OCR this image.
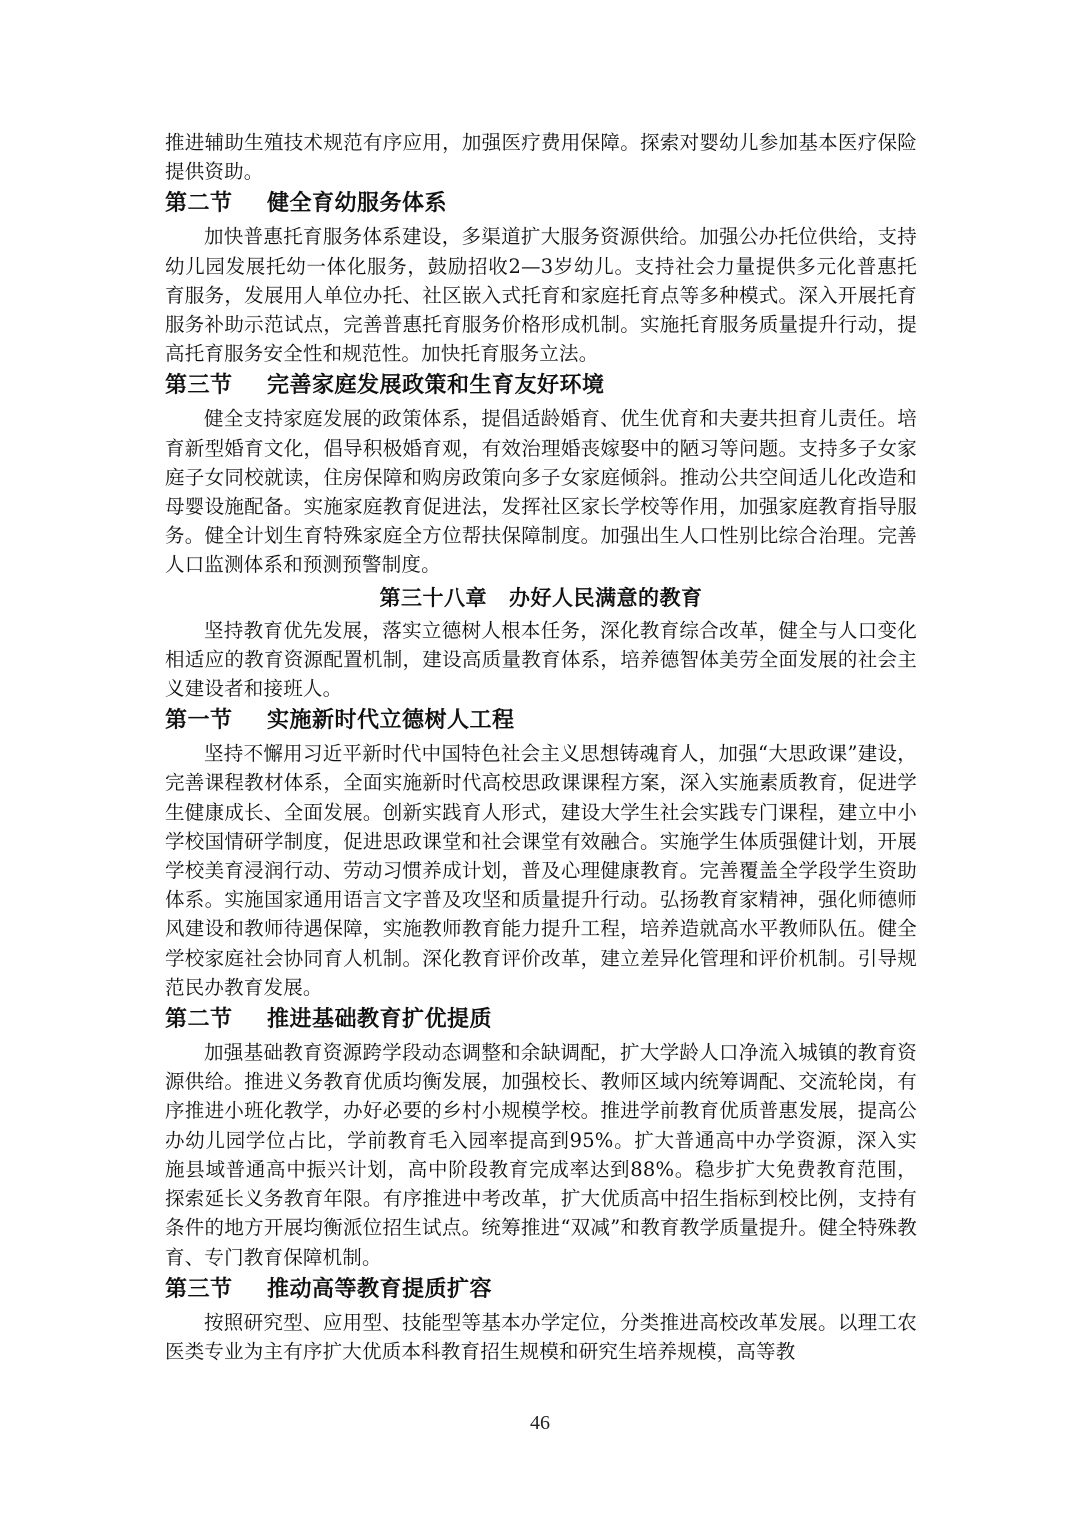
推进辅助生殖技术规范有序应用，加强医疗费用保障。探索对婴幼儿参加基本医疗保险提供资助。

第二节 健全育幼服务体系

加快普惠托育服务体系建设，多渠道扩大服务资源供给。加强公办托位供给，支持幼儿园发展托幼一体化服务，鼓励招收2—3岁幼儿。支持社会力量提供多元化普惠托育服务，发展用人单位办托、社区嵌入式托育和家庭托育点等多种模式。深入开展托育服务补助示范试点，完善普惠托育服务价格形成机制。实施托育服务质量提升行动，提高托育服务安全性和规范性。加快托育服务立法。

第三节 完善家庭发展政策和生育友好环境

健全支持家庭发展的政策体系，提倡适龄婚育、优生优育和夫妻共担育儿责任。培育新型婚育文化，倡导积极婚育观，有效治理婚丧嫁娶中的陋习等问题。支持多子女家庭子女同校就读，住房保障和购房政策向多子女家庭倾斜。推动公共空间适儿化改造和母婴设施配备。实施家庭教育促进法，发挥社区家长学校等作用，加强家庭教育指导服务。健全计划生育特殊家庭全方位帮扶保障制度。加强出生人口性别比综合治理。完善人口监测体系和预测预警制度。

第三十八章 办好人民满意的教育

坚持教育优先发展，落实立德树人根本任务，深化教育综合改革，健全与人口变化相适应的教育资源配置机制，建设高质量教育体系，培养德智体美劳全面发展的社会主义建设者和接班人。

第一节 实施新时代立德树人工程

坚持不懈用习近平新时代中国特色社会主义思想铸魂育人，加强“大思政课”建设，完善课程教材体系，全面实施新时代高校思政课课程方案，深入实施素质教育，促进学生健康成长、全面发展。创新实践育人形式，建设大学生社会实践专门课程，建立中小学校国情研学制度，促进思政课堂和社会课堂有效融合。实施学生体质强健计划，开展学校美育浸润行动、劳动习惯养成计划，普及心理健康教育。完善覆盖全学段学生资助体系。实施国家通用语言文字普及攻坚和质量提升行动。弘扬教育家精神，强化师德师风建设和教师待遇保障，实施教师教育能力提升工程，培养造就高水平教师队伍。健全学校家庭社会协同育人机制。深化教育评价改革，建立差异化管理和评价机制。引导规范民办教育发展。

第二节 推进基础教育扩优提质

加强基础教育资源跨学段动态调整和余缺调配，扩大学龄人口净流入城镇的教育资源供给。推进义务教育优质均衡发展，加强校长、教师区域内统筹调配、交流轮岗，有序推进小班化教学，办好必要的乡村小规模学校。推进学前教育优质普惠发展，提高公办幼儿园学位占比，学前教育毛入园率提高到95%。扩大普通高中办学资源，深入实施县域普通高中振兴计划，高中阶段教育完成率达到88%。稳步扩大免费教育范围，探索延长义务教育年限。有序推进中考改革，扩大优质高中招生指标到校比例，支持有条件的地方开展均衡派位招生试点。统筹推进“双减”和教育教学质量提升。健全特殊教育、专门教育保障机制。

第三节 推动高等教育提质扩容

按照研究型、应用型、技能型等基本办学定位，分类推进高校改革发展。以理工农医类专业为主有序扩大优质本科教育招生规模和研究生培养规模，高等教

46
